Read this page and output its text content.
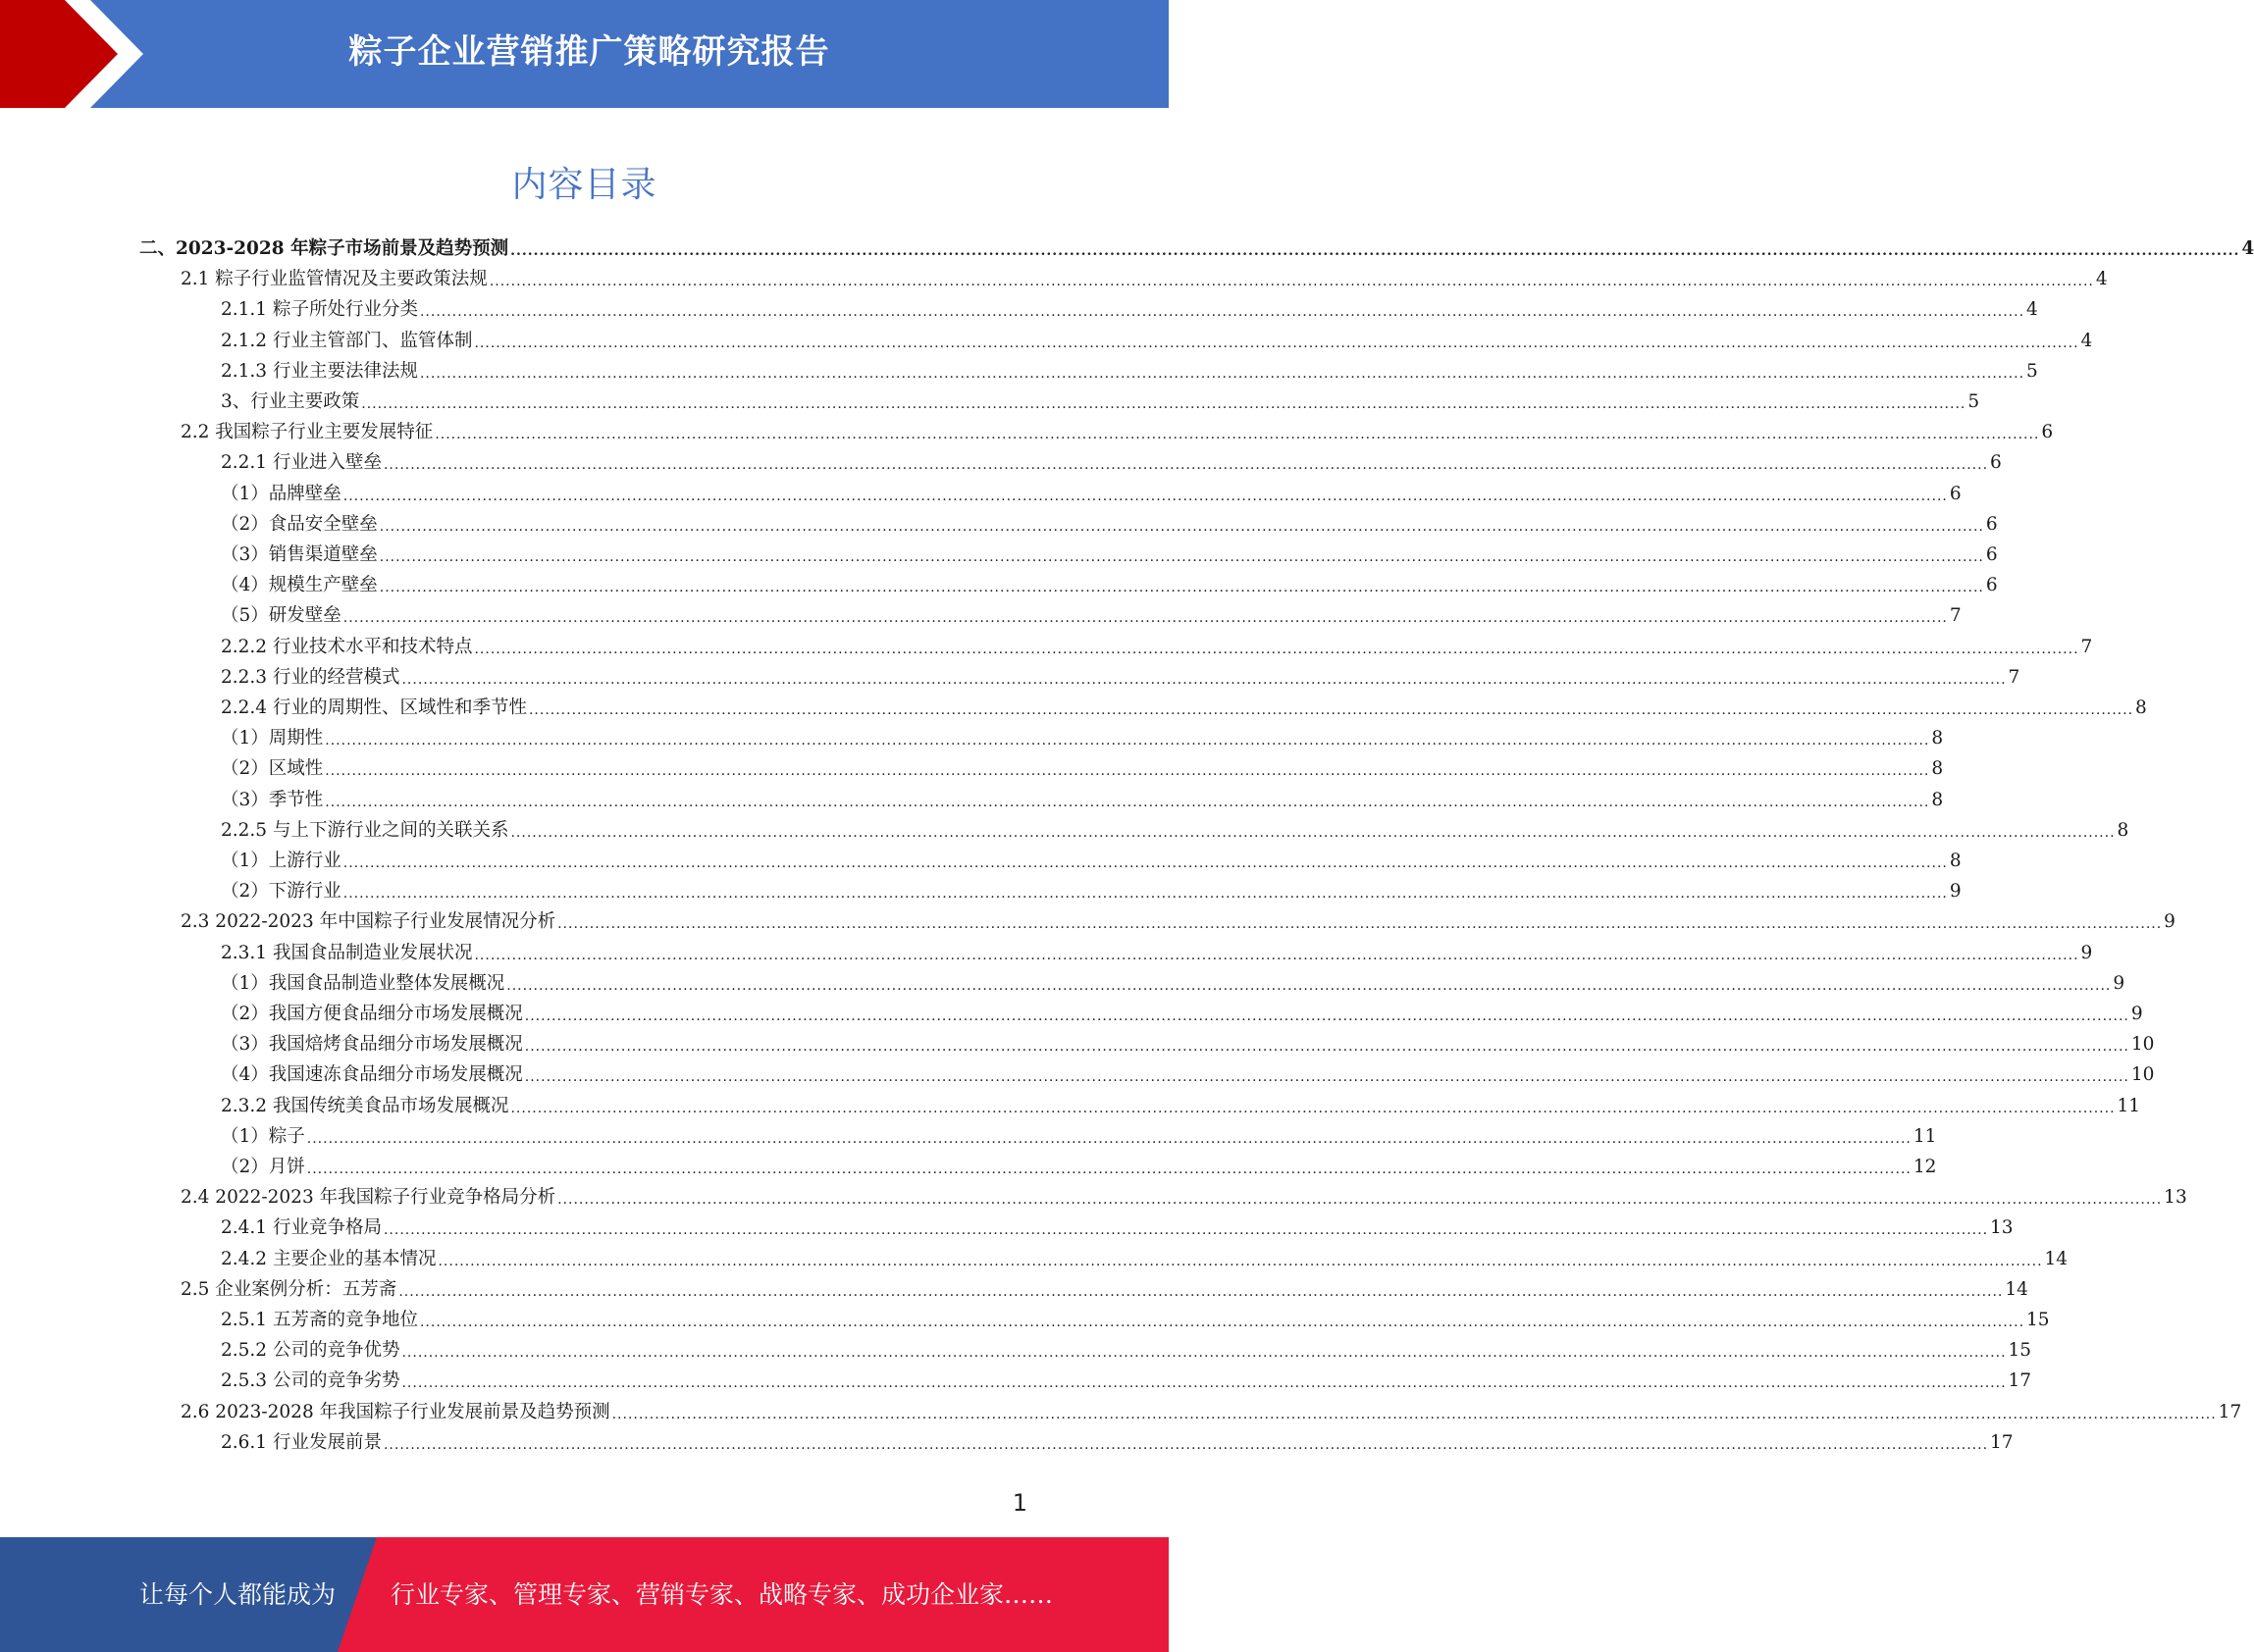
粽子企业营销推广策略研究报告
内容目录
二、2023-2028 年粽子市场前景及趋势预测 ............................................................................................................................................................................................................................................................................................................ 4
2.1 粽子行业监管情况及主要政策法规 ............................................................................................................................................................................................................................................................................................................ 4
2.1.1 粽子所处行业分类 ............................................................................................................................................................................................................................................................................................................ 4
2.1.2 行业主管部门、监管体制 ............................................................................................................................................................................................................................................................................................................ 4
2.1.3 行业主要法律法规 ............................................................................................................................................................................................................................................................................................................ 5
3、行业主要政策 ............................................................................................................................................................................................................................................................................................................ 5
2.2 我国粽子行业主要发展特征 ............................................................................................................................................................................................................................................................................................................ 6
2.2.1 行业进入壁垒 ............................................................................................................................................................................................................................................................................................................ 6
（1）品牌壁垒 ............................................................................................................................................................................................................................................................................................................ 6
（2）食品安全壁垒 ............................................................................................................................................................................................................................................................................................................ 6
（3）销售渠道壁垒 ............................................................................................................................................................................................................................................................................................................ 6
（4）规模生产壁垒 ............................................................................................................................................................................................................................................................................................................ 6
（5）研发壁垒 ............................................................................................................................................................................................................................................................................................................ 7
2.2.2 行业技术水平和技术特点 ............................................................................................................................................................................................................................................................................................................ 7
2.2.3 行业的经营模式 ............................................................................................................................................................................................................................................................................................................ 7
2.2.4 行业的周期性、区域性和季节性 ............................................................................................................................................................................................................................................................................................................ 8
（1）周期性 ............................................................................................................................................................................................................................................................................................................ 8
（2）区域性 ............................................................................................................................................................................................................................................................................................................ 8
（3）季节性 ............................................................................................................................................................................................................................................................................................................ 8
2.2.5 与上下游行业之间的关联关系 ............................................................................................................................................................................................................................................................................................................ 8
（1）上游行业 ............................................................................................................................................................................................................................................................................................................ 8
（2）下游行业 ............................................................................................................................................................................................................................................................................................................ 9
2.3 2022-2023 年中国粽子行业发展情况分析 ............................................................................................................................................................................................................................................................................................................ 9
2.3.1 我国食品制造业发展状况 ............................................................................................................................................................................................................................................................................................................ 9
（1）我国食品制造业整体发展概况 ............................................................................................................................................................................................................................................................................................................ 9
（2）我国方便食品细分市场发展概况 ............................................................................................................................................................................................................................................................................................................ 9
（3）我国焙烤食品细分市场发展概况 ............................................................................................................................................................................................................................................................................................................ 10
（4）我国速冻食品细分市场发展概况 ............................................................................................................................................................................................................................................................................................................ 10
2.3.2 我国传统美食品市场发展概况 ............................................................................................................................................................................................................................................................................................................ 11
（1）粽子 ............................................................................................................................................................................................................................................................................................................ 11
（2）月饼 ............................................................................................................................................................................................................................................................................................................ 12
2.4 2022-2023 年我国粽子行业竞争格局分析 ............................................................................................................................................................................................................................................................................................................ 13
2.4.1 行业竞争格局 ............................................................................................................................................................................................................................................................................................................ 13
2.4.2 主要企业的基本情况 ............................................................................................................................................................................................................................................................................................................ 14
2.5 企业案例分析：五芳斋 ............................................................................................................................................................................................................................................................................................................ 14
2.5.1 五芳斋的竞争地位 ............................................................................................................................................................................................................................................................................................................ 15
2.5.2 公司的竞争优势 ............................................................................................................................................................................................................................................................................................................ 15
2.5.3 公司的竞争劣势 ............................................................................................................................................................................................................................................................................................................ 17
2.6 2023-2028 年我国粽子行业发展前景及趋势预测 ............................................................................................................................................................................................................................................................................................................ 17
2.6.1 行业发展前景 ............................................................................................................................................................................................................................................................................................................ 17
1
让每个人都能成为 行业专家、管理专家、营销专家、战略专家、成功企业家……
